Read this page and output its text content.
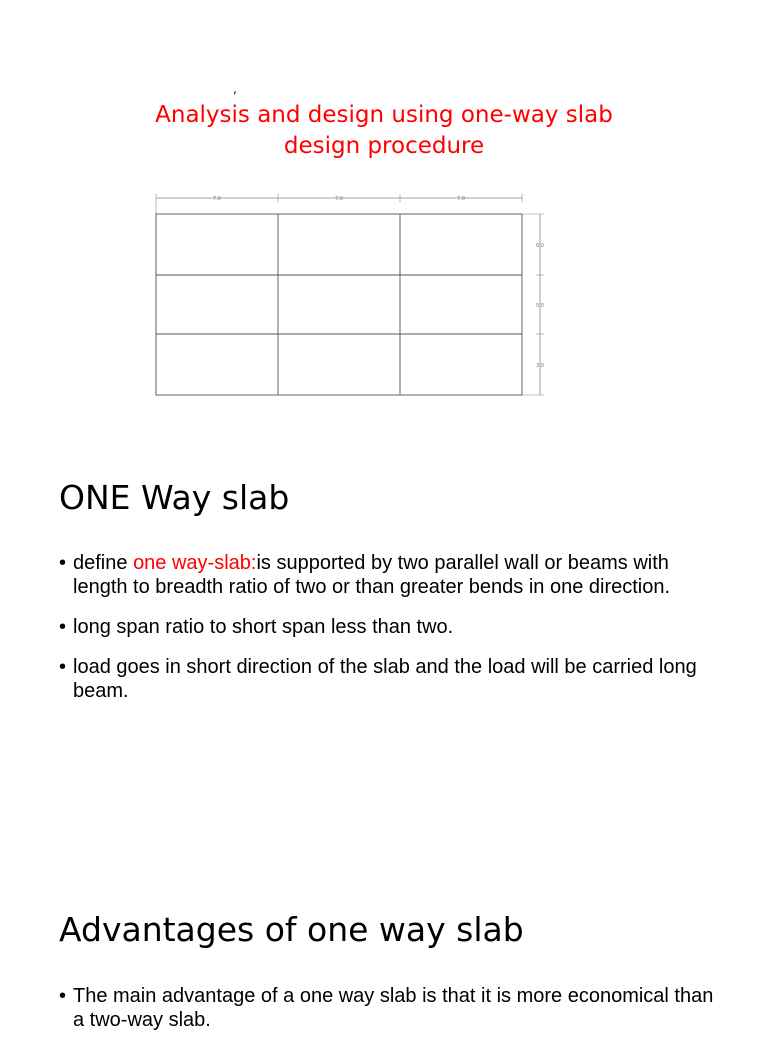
,
Analysis and design using one-way slab
design procedure
7.0	7.0	7.0
6.0
5.0
3.0
ONE Way slab
• define one way-slab:is supported by two parallel wall or beams with length to breadth ratio of two or than greater bends in one direction.
• long span ratio to short span less than two.
• load goes in short direction of the slab and the load will be carried long beam.
Advantages of one way slab
• The main advantage of a one way slab is that it is more economical than a two-way slab.
